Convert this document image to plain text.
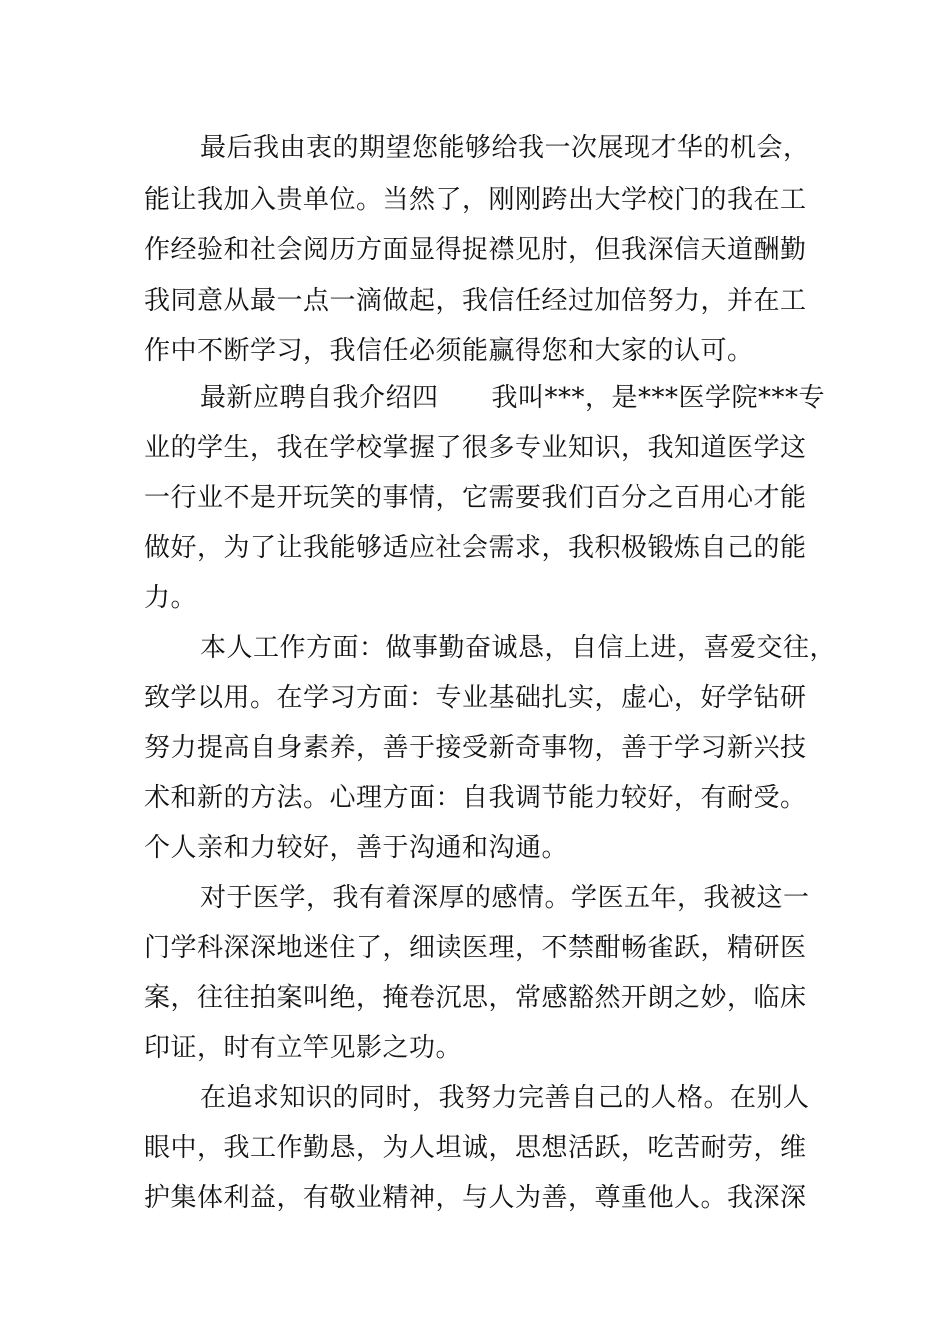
最后我由衷的期望您能够给我一次展现才华的机会，
能让我加入贵单位。当然了，刚刚跨出大学校门的我在工
作经验和社会阅历方面显得捉襟见肘，但我深信天道酬勤
我同意从最一点一滴做起，我信任经过加倍努力，并在工
作中不断学习，我信任必须能赢得您和大家的认可。
最新应聘自我介绍四　　我叫***，是***医学院***专
业的学生，我在学校掌握了很多专业知识，我知道医学这
一行业不是开玩笑的事情，它需要我们百分之百用心才能
做好，为了让我能够适应社会需求，我积极锻炼自己的能
力。
本人工作方面：做事勤奋诚恳，自信上进，喜爱交往，
致学以用。在学习方面：专业基础扎实，虚心，好学钻研
努力提高自身素养，善于接受新奇事物，善于学习新兴技
术和新的方法。心理方面：自我调节能力较好，有耐受。
个人亲和力较好，善于沟通和沟通。
对于医学，我有着深厚的感情。学医五年，我被这一
门学科深深地迷住了，细读医理，不禁酣畅雀跃，精研医
案，往往拍案叫绝，掩卷沉思，常感豁然开朗之妙，临床
印证，时有立竿见影之功。
在追求知识的同时，我努力完善自己的人格。在别人
眼中，我工作勤恳，为人坦诚，思想活跃，吃苦耐劳，维
护集体利益，有敬业精神，与人为善，尊重他人。我深深
